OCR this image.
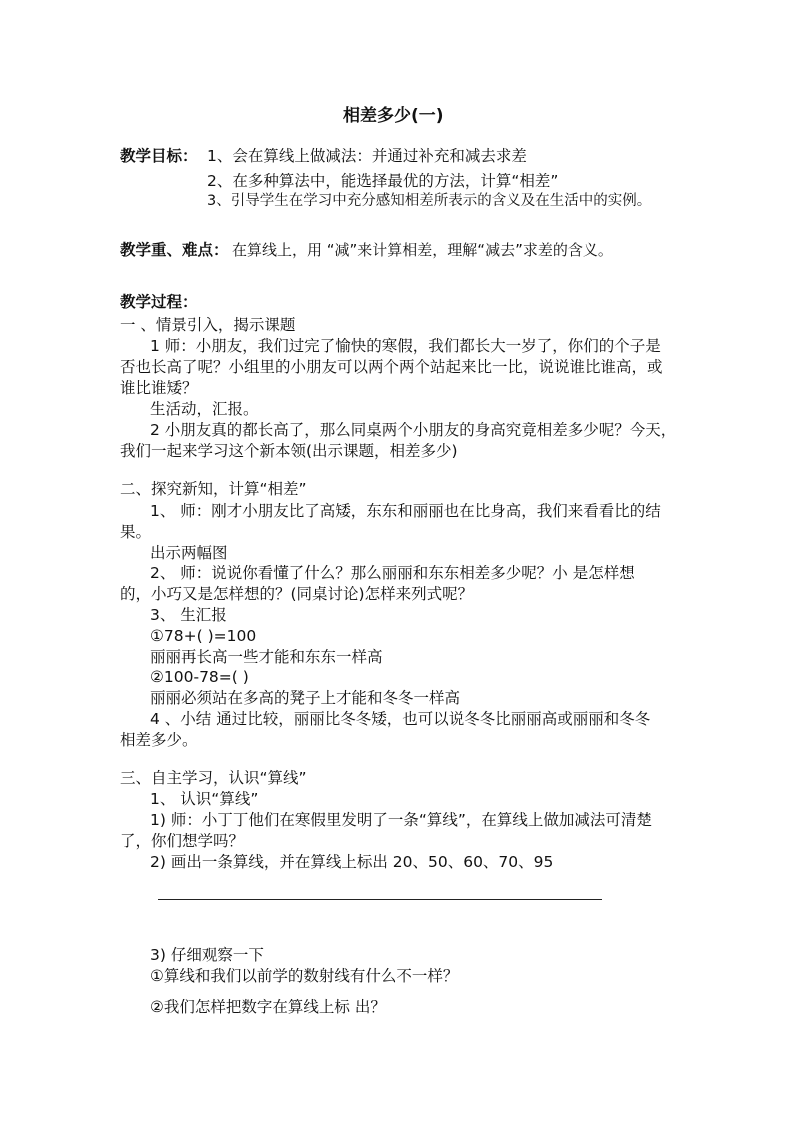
相差多少(一)
教学目标： 1、会在算线上做减法：并通过补充和减去求差
2、在多种算法中，能选择最优的方法，计算“相差”
3、引导学生在学习中充分感知相差所表示的含义及在生活中的实例。
教学重、难点： 在算线上，用 “减”来计算相差，理解“减去”求差的含义。
教学过程：
一 、情景引入，揭示课题
1 师：小朋友，我们过完了愉快的寒假，我们都长大一岁了，你们的个子是
否也长高了呢？小组里的小朋友可以两个两个站起来比一比，说说谁比谁高，或
谁比谁矮？
生活动，汇报。
2 小朋友真的都长高了，那么同桌两个小朋友的身高究竟相差多少呢？今天，
我们一起来学习这个新本领(出示课题，相差多少)
二、探究新知，计算“相差”
1、 师：刚才小朋友比了高矮，东东和丽丽也在比身高，我们来看看比的结
果。
出示两幅图
2、 师：说说你看懂了什么？那么丽丽和东东相差多少呢？小 是怎样想
的，小巧又是怎样想的？(同桌讨论)怎样来列式呢？
3、 生汇报
①78+( )=100
丽丽再长高一些才能和东东一样高
②100-78=( )
丽丽必须站在多高的凳子上才能和冬冬一样高
4 、小结 通过比较，丽丽比冬冬矮，也可以说冬冬比丽丽高或丽丽和冬冬
相差多少。
三、自主学习，认识“算线”
1、 认识“算线”
1) 师：小丁丁他们在寒假里发明了一条“算线”，在算线上做加减法可清楚
了，你们想学吗？
2) 画出一条算线，并在算线上标出 20、50、60、70、95
3) 仔细观察一下
①算线和我们以前学的数射线有什么不一样？
②我们怎样把数字在算线上标 出？
